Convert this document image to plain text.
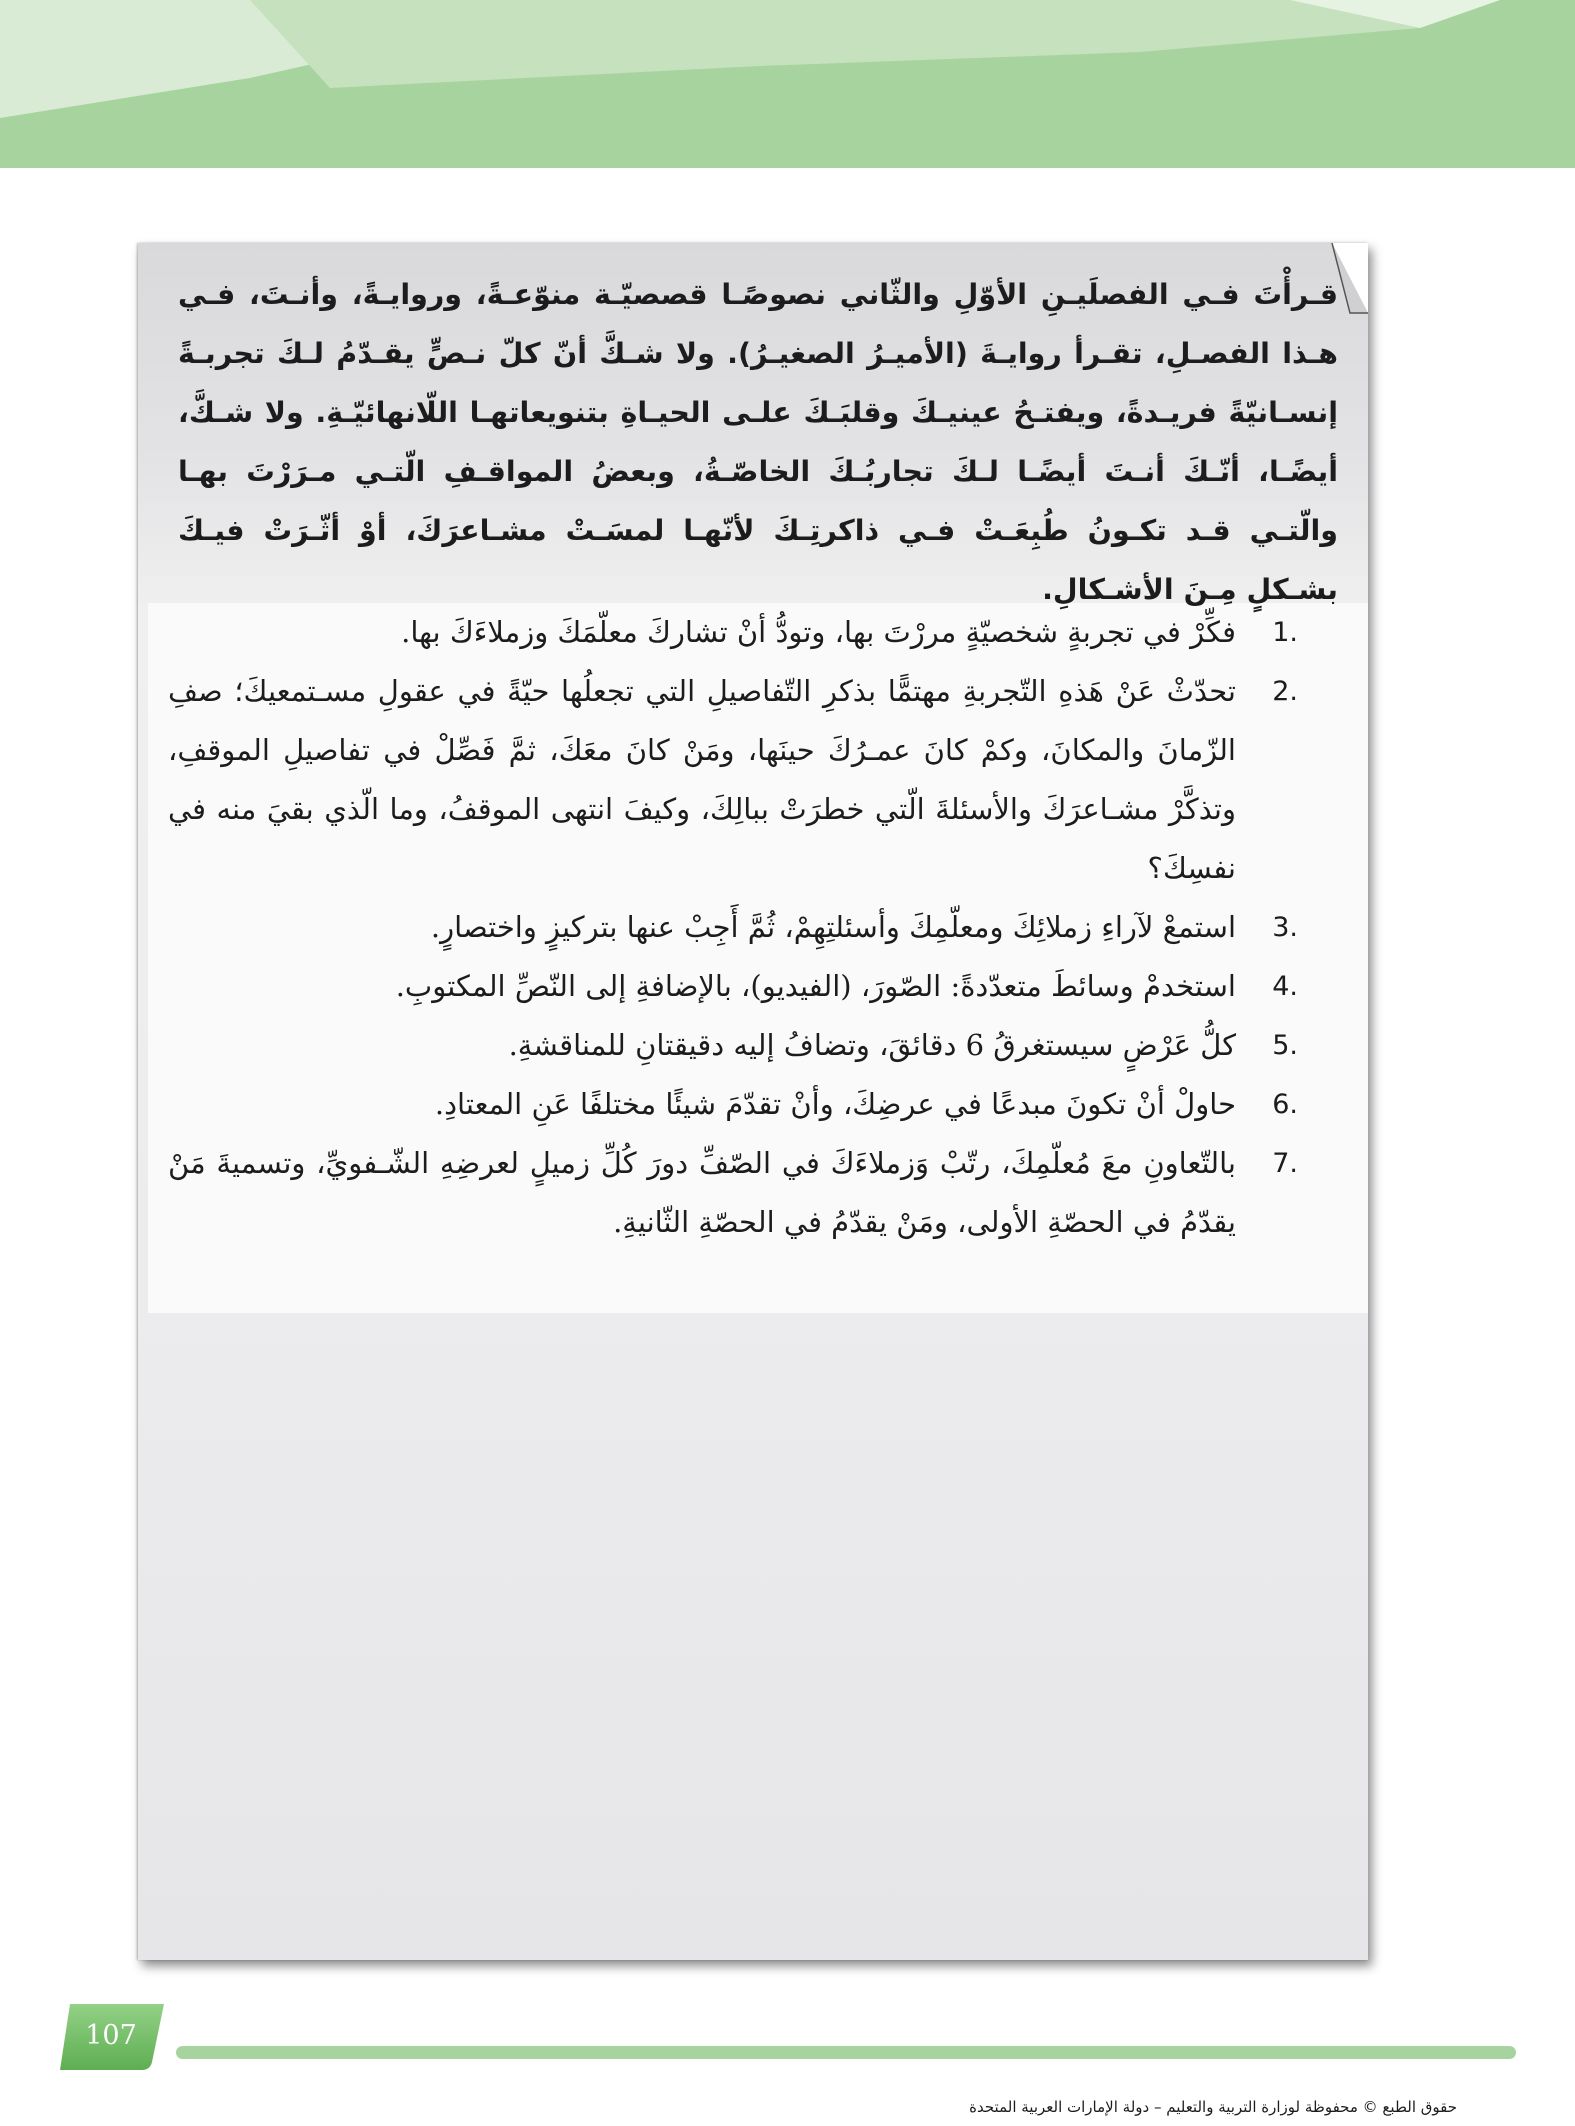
قـرأْتَ فـي الفصلَيـنِ الأوّلِ والثّاني نصوصًـا قصصيّـة منوّعـةً، وروايـةً، وأنـتَ، فـي هـذا الفصـلِ، تقـرأ روايـةَ (الأميـرُ الصغيـرُ). ولا شـكَّ أنّ كلّ نـصٍّ يقـدّمُ لـكَ تجربـةً إنسـانيّةً فريـدةً، ويفتـحُ عينيـكَ وقلبَـكَ علـى الحيـاةِ بتنويعاتهـا اللّانهائيّـةِ. ولا شـكَّ، أيضًـا، أنّـكَ أنـتَ أيضًـا لـكَ تجاربُـكَ الخاصّـةُ، وبعضُ المواقـفِ الّتـي مـرَرْتَ بهـا والّتـي قـد تكـونُ طُبِعَـتْ فـي ذاكرتِـكَ لأنّهـا لمسَـتْ مشـاعرَكَ، أوْ أثّـرَتْ فيـكَ بشـكلٍ مِـنَ الأشـكالِ.

1.
فكِّرْ في تجربةٍ شخصيّةٍ مررْتَ بها، وتودُّ أنْ تشاركَ معلّمَكَ وزملاءَكَ بها.
2.
تحدّثْ عَنْ هَذهِ التّجربةِ مهتمًّا بذكرِ التّفاصيلِ التي تجعلُها حيّةً في عقولِ مسـتمعيكَ؛ صفِ الزّمانَ والمكانَ، وكمْ كانَ عمـرُكَ حينَها، ومَنْ كانَ معَكَ، ثمَّ فَصِّلْ في تفاصيلِ الموقفِ، وتذكَّرْ مشـاعرَكَ والأسئلةَ الّتي خطرَتْ ببالِكَ، وكيفَ انتهى الموقفُ، وما الّذي بقيَ منه في نفسِكَ؟
3.
استمعْ لآراءِ زملائِكَ ومعلّمِكَ وأسئلتِهِمْ، ثُمَّ أَجِبْ عنها بتركيزٍ واختصارٍ.
4.
استخدمْ وسائطَ متعدّدةً: الصّورَ، (الفيديو)، بالإضافةِ إلى النّصِّ المكتوبِ.
5.
كلُّ عَرْضٍ سيستغرقُ 6 دقائقَ، وتضافُ إليه دقيقتانِ للمناقشةِ.
6.
حاولْ أنْ تكونَ مبدعًا في عرضِكَ، وأنْ تقدّمَ شيئًا مختلفًا عَنِ المعتادِ.
7.
بالتّعاونِ معَ مُعلّمِكَ، رتّبْ وَزملاءَكَ في الصّفِّ دورَ كُلِّ زميلٍ لعرضِهِ الشّـفويِّ، وتسميةَ مَنْ يقدّمُ في الحصّةِ الأولى، ومَنْ يقدّمُ في الحصّةِ الثّانيةِ.
107
حقوق الطبع © محفوظة لوزارة التربية والتعليم – دولة الإمارات العربية المتحدة
